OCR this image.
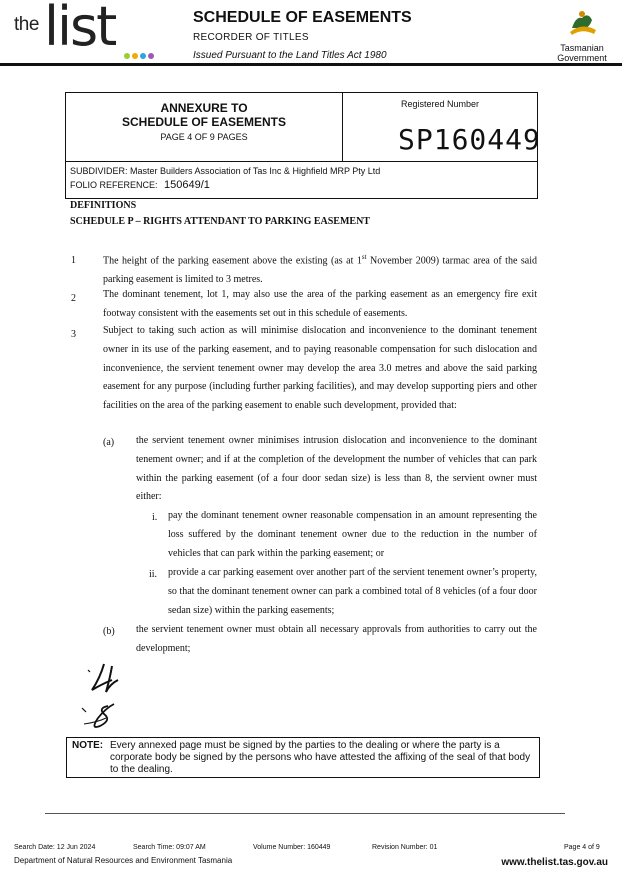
the list	SCHEDULE OF EASEMENTS
RECORDER OF TITLES
Issued Pursuant to the Land Titles Act 1980
Tasmanian
Government
ANNEXURE TO
SCHEDULE OF EASEMENTS
PAGE 4 OF 9 PAGES
Registered Number
SP160449
SUBDIVIDER: Master Builders Association of Tas Inc & Highfield MRP Pty Ltd
FOLIO REFERENCE: 150649/1
DEFINITIONS
SCHEDULE P – RIGHTS ATTENDANT TO PARKING EASEMENT
1	The height of the parking easement above the existing (as at 1st November 2009) tarmac area of the said parking easement is limited to 3 metres.
2	The dominant tenement, lot 1, may also use the area of the parking easement as an emergency fire exit footway consistent with the easements set out in this schedule of easements.
3	Subject to taking such action as will minimise dislocation and inconvenience to the dominant tenement owner in its use of the parking easement, and to paying reasonable compensation for such dislocation and inconvenience, the servient tenement owner may develop the area 3.0 metres and above the said parking easement for any purpose (including further parking facilities), and may develop supporting piers and other facilities on the area of the parking easement to enable such development, provided that:
(a) the servient tenement owner minimises intrusion dislocation and inconvenience to the dominant tenement owner; and if at the completion of the development the number of vehicles that can park within the parking easement (of a four door sedan size) is less than 8, the servient owner must either:
i. pay the dominant tenement owner reasonable compensation in an amount representing the loss suffered by the dominant tenement owner due to the reduction in the number of vehicles that can park within the parking easement; or
ii. provide a car parking easement over another part of the servient tenement owner’s property, so that the dominant tenement owner can park a combined total of 8 vehicles (of a four door sedan size) within the parking easements;
(b) the servient tenement owner must obtain all necessary approvals from authorities to carry out the development;
NOTE: Every annexed page must be signed by the parties to the dealing or where the party is a corporate body be signed by the persons who have attested the affixing of the seal of that body to the dealing.
Search Date: 12 Jun 2024	Search Time: 09:07 AM	Volume Number: 160449	Revision Number: 01	Page 4 of 9
Department of Natural Resources and Environment Tasmania	www.thelist.tas.gov.au
